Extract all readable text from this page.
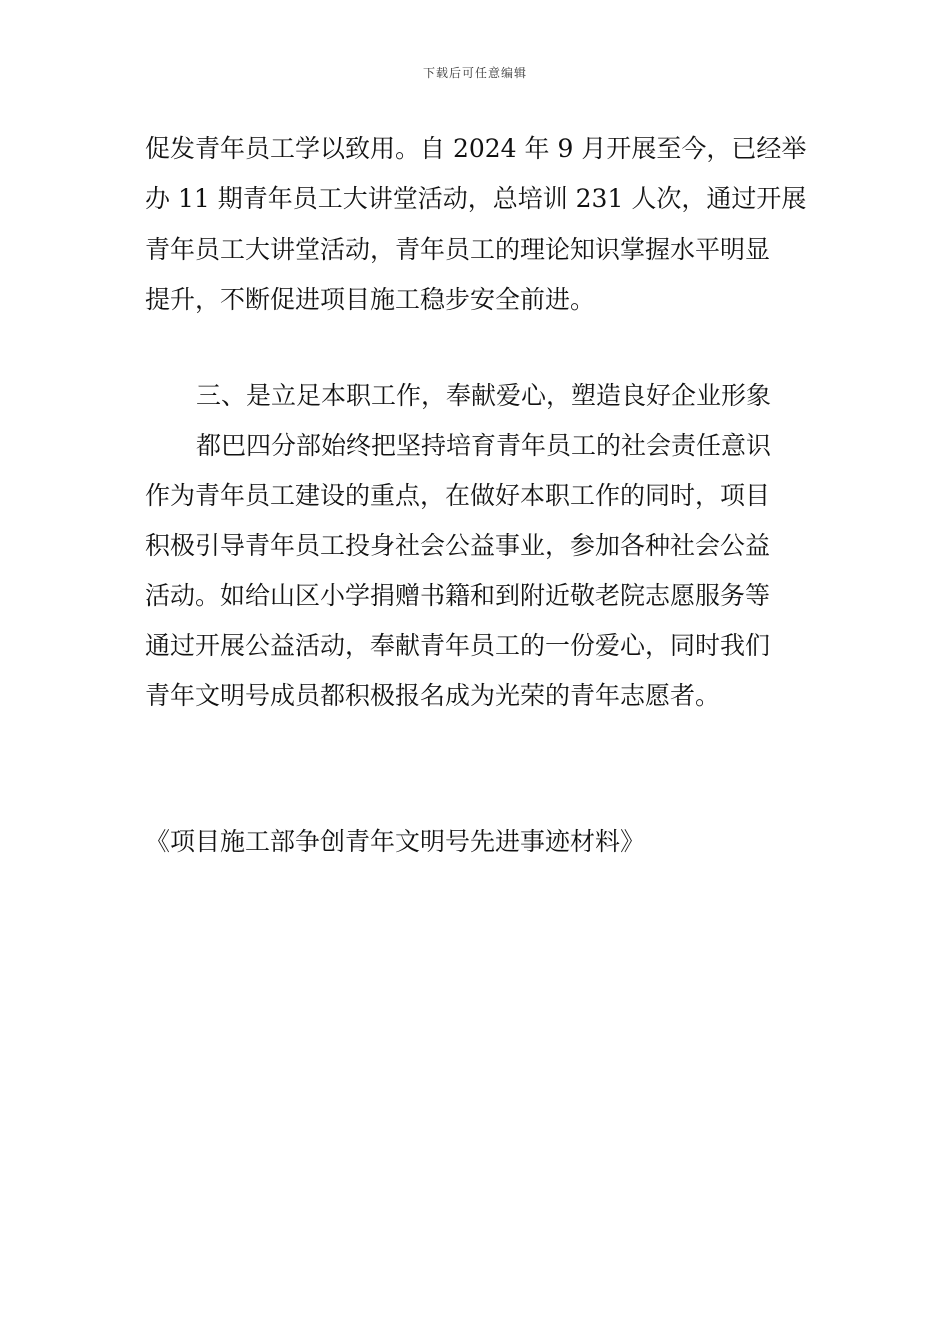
下载后可任意编辑
促发青年员工学以致用。自 2024 年 9 月开展至今，已经举
办 11 期青年员工大讲堂活动，总培训 231 人次，通过开展
青年员工大讲堂活动，青年员工的理论知识掌握水平明显
提升，不断促进项目施工稳步安全前进。
三、是立足本职工作，奉献爱心，塑造良好企业形象
都巴四分部始终把坚持培育青年员工的社会责任意识
作为青年员工建设的重点，在做好本职工作的同时，项目
积极引导青年员工投身社会公益事业，参加各种社会公益
活动。如给山区小学捐赠书籍和到附近敬老院志愿服务等
通过开展公益活动，奉献青年员工的一份爱心，同时我们
青年文明号成员都积极报名成为光荣的青年志愿者。
《项目施工部争创青年文明号先进事迹材料》
